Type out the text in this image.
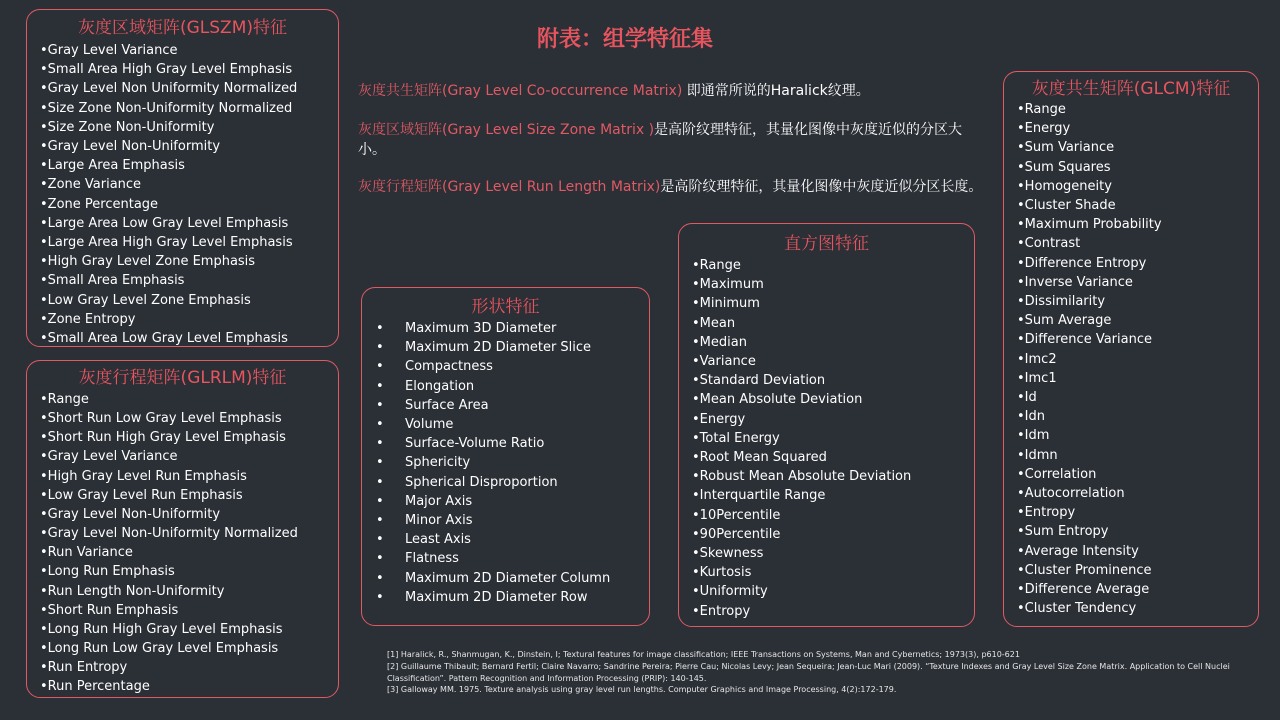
附表：组学特征集
灰度共生矩阵(Gray Level Co-occurrence Matrix) 即通常所说的Haralick纹理。
灰度区域矩阵(Gray Level Size Zone Matrix )是高阶纹理特征，其量化图像中灰度近似的分区大小。
灰度行程矩阵(Gray Level Run Length Matrix)是高阶纹理特征，其量化图像中灰度近似分区长度。
灰度区域矩阵(GLSZM)特征
• Gray Level Variance
• Small Area High Gray Level Emphasis
• Gray Level Non Uniformity Normalized
• Size Zone Non-Uniformity Normalized
• Size Zone Non-Uniformity
• Gray Level Non-Uniformity
• Large Area Emphasis
• Zone Variance
• Zone Percentage
• Large Area Low Gray Level Emphasis
• Large Area High Gray Level Emphasis
• High Gray Level Zone Emphasis
• Small Area Emphasis
• Low Gray Level Zone Emphasis
• Zone Entropy
• Small Area Low Gray Level Emphasis
灰度行程矩阵(GLRLM)特征
• Range
• Short Run Low Gray Level Emphasis
• Short Run High Gray Level Emphasis
• Gray Level Variance
• High Gray Level Run Emphasis
• Low Gray Level Run Emphasis
• Gray Level Non-Uniformity
• Gray Level Non-Uniformity Normalized
• Run Variance
• Long Run Emphasis
• Run Length Non-Uniformity
• Short Run Emphasis
• Long Run High Gray Level Emphasis
• Long Run Low Gray Level Emphasis
• Run Entropy
• Run Percentage
形状特征
• Maximum 3D Diameter
• Maximum 2D Diameter Slice
• Compactness
• Elongation
• Surface Area
• Volume
• Surface-Volume Ratio
• Sphericity
• Spherical Disproportion
• Major Axis
• Minor Axis
• Least Axis
• Flatness
• Maximum 2D Diameter Column
• Maximum 2D Diameter Row
直方图特征
• Range
• Maximum
• Minimum
• Mean
• Median
• Variance
• Standard Deviation
• Mean Absolute Deviation
• Energy
• Total Energy
• Root Mean Squared
• Robust Mean Absolute Deviation
• Interquartile Range
• 10Percentile
• 90Percentile
• Skewness
• Kurtosis
• Uniformity
• Entropy
灰度共生矩阵(GLCM)特征
• Range
• Energy
• Sum Variance
• Sum Squares
• Homogeneity
• Cluster Shade
• Maximum Probability
• Contrast
• Difference Entropy
• Inverse Variance
• Dissimilarity
• Sum Average
• Difference Variance
• Imc2
• Imc1
• Id
• Idn
• Idm
• Idmn
• Correlation
• Autocorrelation
• Entropy
• Sum Entropy
• Average Intensity
• Cluster Prominence
• Difference Average
• Cluster Tendency
[1] Haralick, R., Shanmugan, K., Dinstein, I; Textural features for image classification; IEEE Transactions on Systems, Man and Cybernetics; 1973(3), p610-621
[2] Guillaume Thibault; Bernard Fertil; Claire Navarro; Sandrine Pereira; Pierre Cau; Nicolas Levy; Jean Sequeira; Jean-Luc Mari (2009). “Texture Indexes and Gray Level Size Zone Matrix. Application to Cell Nuclei Classification”. Pattern Recognition and Information Processing (PRIP): 140-145.
[3] Galloway MM. 1975. Texture analysis using gray level run lengths. Computer Graphics and Image Processing, 4(2):172-179.
